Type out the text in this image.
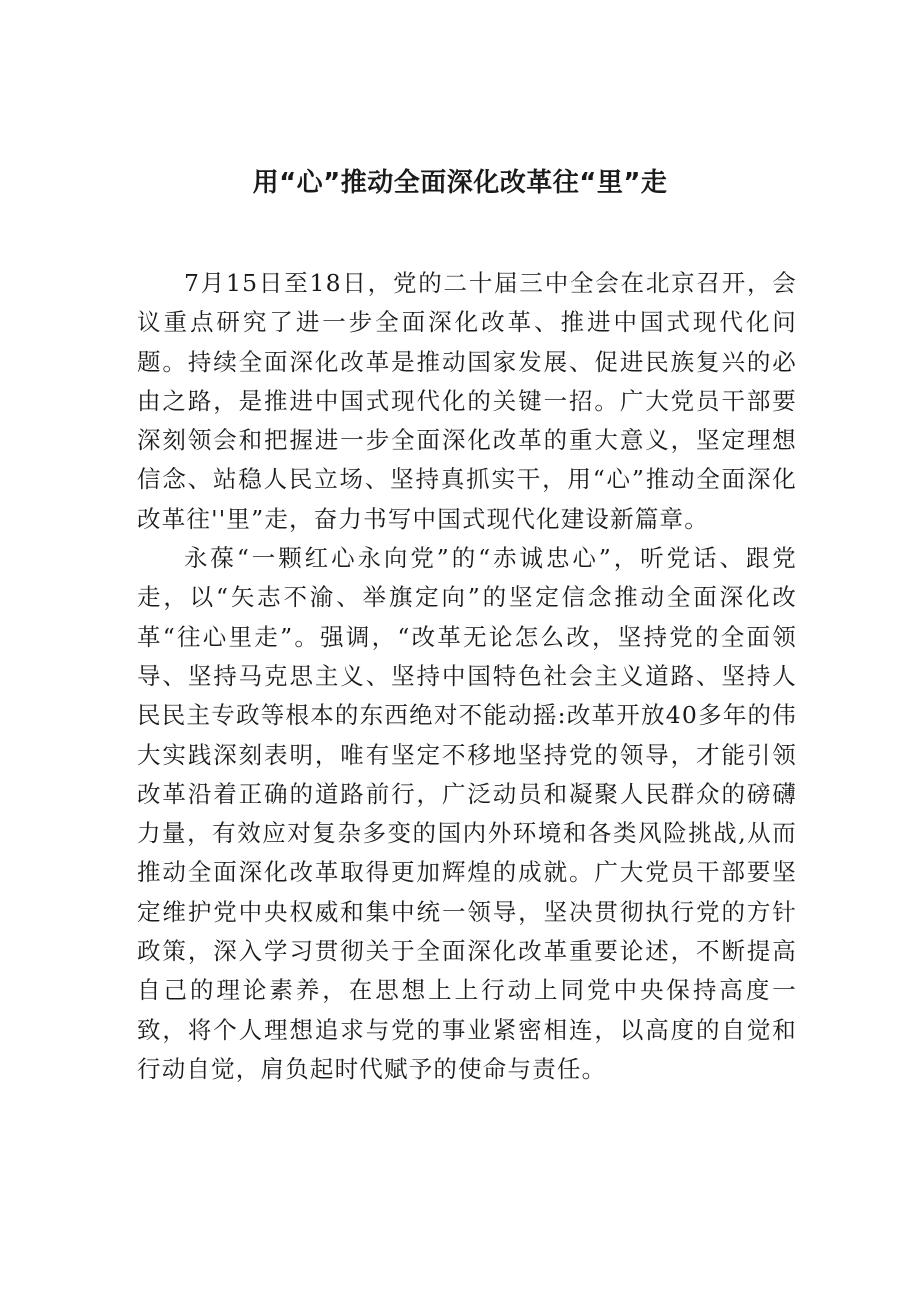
用“心”推动全面深化改革往“里”走

7月15日至18日，党的二十届三中全会在北京召开，会议重点研究了进一步全面深化改革、推进中国式现代化问题。持续全面深化改革是推动国家发展、促进民族复兴的必由之路，是推进中国式现代化的关键一招。广大党员干部要深刻领会和把握进一步全面深化改革的重大意义，坚定理想信念、站稳人民立场、坚持真抓实干，用“心”推动全面深化改革往''里”走，奋力书写中国式现代化建设新篇章。

永葆“一颗红心永向党”的“赤诚忠心”，听党话、跟党走，以“矢志不渝、举旗定向”的坚定信念推动全面深化改革“往心里走”。强调，“改革无论怎么改，坚持党的全面领导、坚持马克思主义、坚持中国特色社会主义道路、坚持人民民主专政等根本的东西绝对不能动摇:改革开放40多年的伟大实践深刻表明，唯有坚定不移地坚持党的领导，才能引领改革沿着正确的道路前行，广泛动员和凝聚人民群众的磅礴力量，有效应对复杂多变的国内外环境和各类风险挑战,从而推动全面深化改革取得更加辉煌的成就。广大党员干部要坚定维护党中央权威和集中统一领导，坚决贯彻执行党的方针政策，深入学习贯彻关于全面深化改革重要论述，不断提高自己的理论素养，在思想上上行动上同党中央保持高度一致，将个人理想追求与党的事业紧密相连，以高度的自觉和行动自觉，肩负起时代赋予的使命与责任。
